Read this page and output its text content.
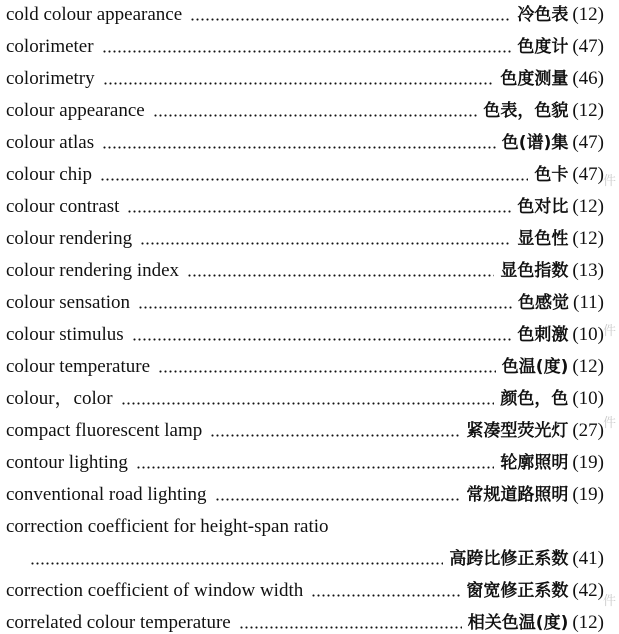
cold colour appearance	冷色表 (12)
colorimeter	色度计 (47)
colorimetry	色度测量 (46)
colour appearance	色表，色貌 (12)
colour atlas	色(谱)集 (47)
colour chip	色卡 (47)
colour contrast	色对比 (12)
colour rendering	显色性 (12)
colour rendering index	显色指数 (13)
colour sensation	色感觉 (11)
colour stimulus	色刺激 (10)
colour temperature	色温(度) (12)
colour，color	颜色，色 (10)
compact fluorescent lamp	紧凑型荧光灯 (27)
contour lighting	轮廓照明 (19)
conventional road lighting	常规道路照明 (19)
correction coefficient for height-span ratio
高跨比修正系数 (41)
correction coefficient of window width	窗宽修正系数 (42)
correlated colour temperature	相关色温(度) (12)
件
件
件
件
